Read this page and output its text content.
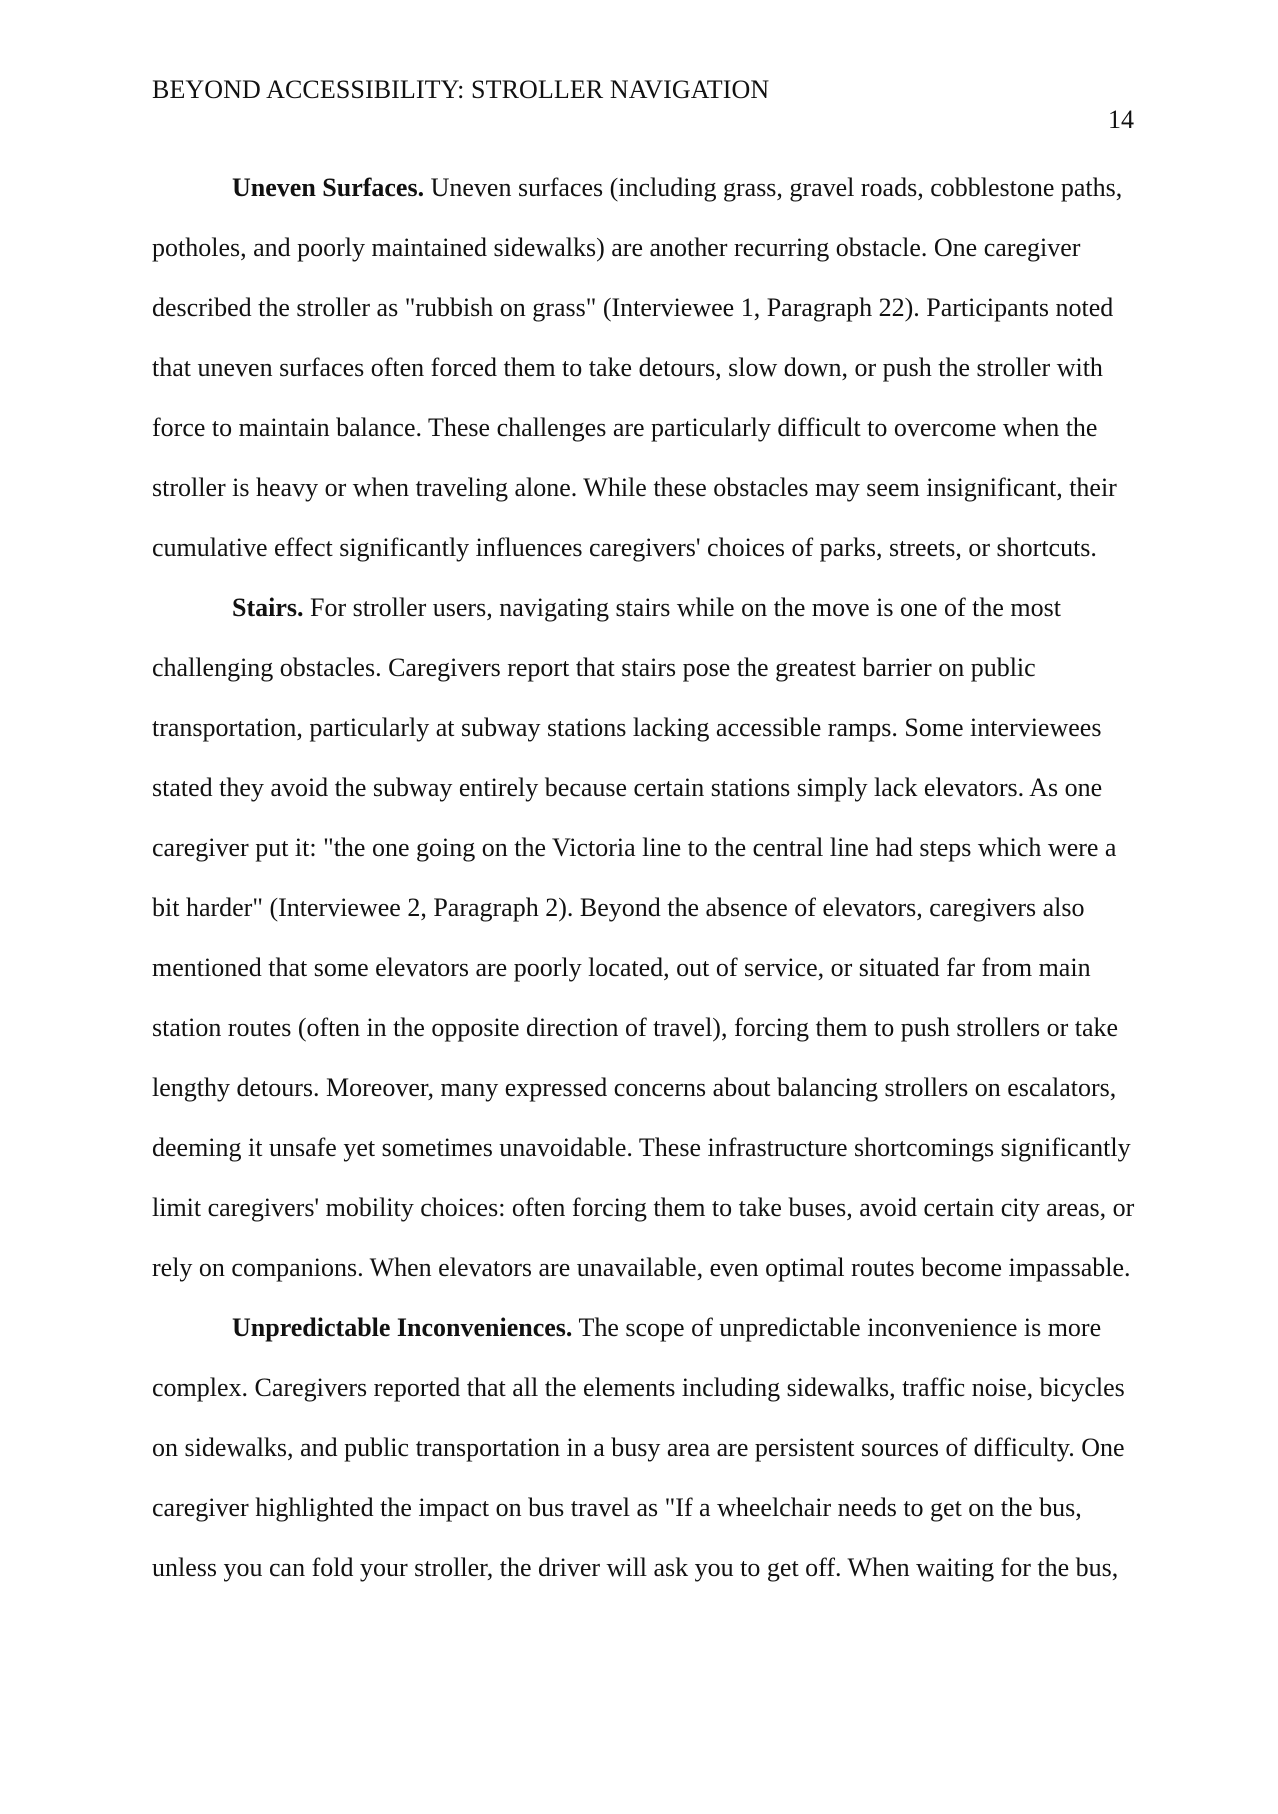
BEYOND ACCESSIBILITY: STROLLER NAVIGATION
14

Uneven Surfaces. Uneven surfaces (including grass, gravel roads, cobblestone paths, potholes, and poorly maintained sidewalks) are another recurring obstacle. One caregiver described the stroller as "rubbish on grass" (Interviewee 1, Paragraph 22). Participants noted that uneven surfaces often forced them to take detours, slow down, or push the stroller with force to maintain balance. These challenges are particularly difficult to overcome when the stroller is heavy or when traveling alone. While these obstacles may seem insignificant, their cumulative effect significantly influences caregivers' choices of parks, streets, or shortcuts.

Stairs. For stroller users, navigating stairs while on the move is one of the most challenging obstacles. Caregivers report that stairs pose the greatest barrier on public transportation, particularly at subway stations lacking accessible ramps. Some interviewees stated they avoid the subway entirely because certain stations simply lack elevators. As one caregiver put it: "the one going on the Victoria line to the central line had steps which were a bit harder" (Interviewee 2, Paragraph 2). Beyond the absence of elevators, caregivers also mentioned that some elevators are poorly located, out of service, or situated far from main station routes (often in the opposite direction of travel), forcing them to push strollers or take lengthy detours. Moreover, many expressed concerns about balancing strollers on escalators, deeming it unsafe yet sometimes unavoidable. These infrastructure shortcomings significantly limit caregivers' mobility choices: often forcing them to take buses, avoid certain city areas, or rely on companions. When elevators are unavailable, even optimal routes become impassable.

Unpredictable Inconveniences. The scope of unpredictable inconvenience is more complex. Caregivers reported that all the elements including sidewalks, traffic noise, bicycles on sidewalks, and public transportation in a busy area are persistent sources of difficulty. One caregiver highlighted the impact on bus travel as "If a wheelchair needs to get on the bus, unless you can fold your stroller, the driver will ask you to get off. When waiting for the bus,
